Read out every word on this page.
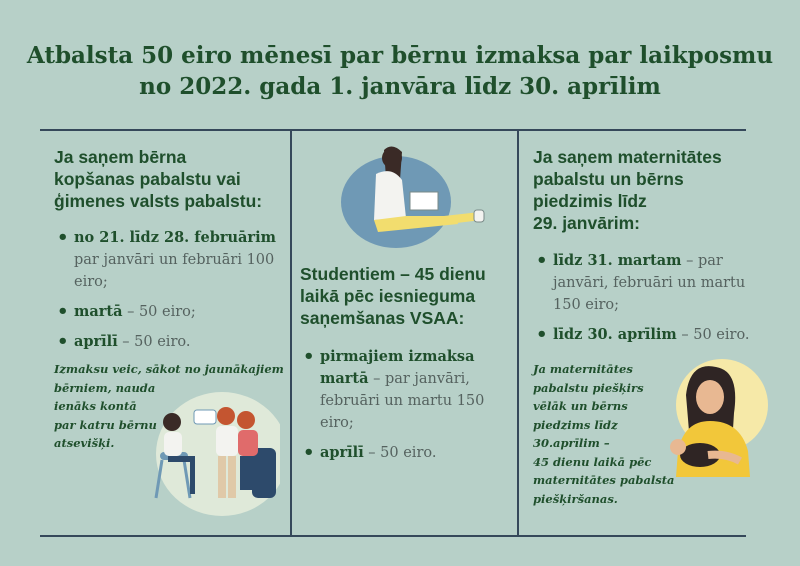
Atbalsta 50 eiro mēnesī par bērnu izmaksa par laikposmu
no 2022. gada 1. janvāra līdz 30. aprīlim
Ja saņem bērna
kopšanas pabalstu vai
ģimenes valsts pabalstu:
• no 21. līdz 28. februārim
par janvāri un februāri 100
eiro;
• martā – 50 eiro;
• aprīlī – 50 eiro.
Izmaksu veic, sākot no jaunākajiem
bērniem, nauda
ienāks kontā
par katru bērnu
atsevišķi.
Studentiem – 45 dienu
laikā pēc iesnieguma
saņemšanas VSAA:
• pirmajiem izmaksa
martā – par janvāri,
februāri un martu 150
eiro;
• aprīlī – 50 eiro.
Ja saņem maternitātes
pabalstu un bērns
piedzimis līdz
29. janvārim:
• līdz 31. martam – par
janvāri, februāri un martu
150 eiro;
• līdz 30. aprīlim – 50 eiro.
Ja maternitātes
pabalstu piešķirs
vēlāk un bērns
piedzims līdz
30.aprīlim –
45 dienu laikā pēc
maternitātes pabalsta
piešķiršanas.
